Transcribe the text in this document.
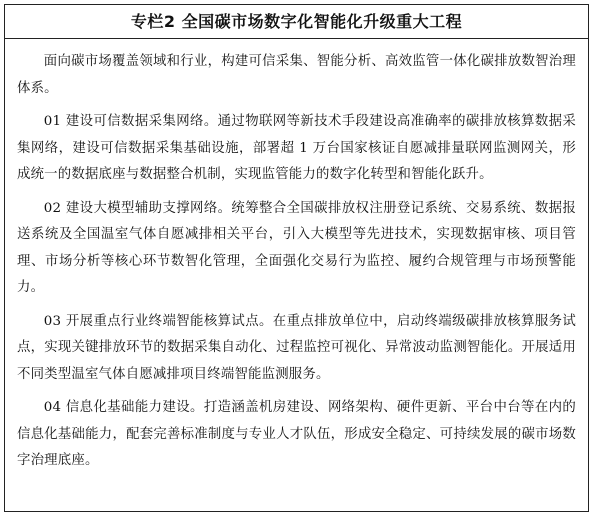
专栏2 全国碳市场数字化智能化升级重大工程

面向碳市场覆盖领域和行业，构建可信采集、智能分析、高效监管一体化碳排放数智治理体系。

01 建设可信数据采集网络。通过物联网等新技术手段建设高准确率的碳排放核算数据采集网络，建设可信数据采集基础设施，部署超 1 万台国家核证自愿减排量联网监测网关，形成统一的数据底座与数据整合机制，实现监管能力的数字化转型和智能化跃升。

02 建设大模型辅助支撑网络。统筹整合全国碳排放权注册登记系统、交易系统、数据报送系统及全国温室气体自愿减排相关平台，引入大模型等先进技术，实现数据审核、项目管理、市场分析等核心环节数智化管理，全面强化交易行为监控、履约合规管理与市场预警能力。

03 开展重点行业终端智能核算试点。在重点排放单位中，启动终端级碳排放核算服务试点，实现关键排放环节的数据采集自动化、过程监控可视化、异常波动监测智能化。开展适用不同类型温室气体自愿减排项目终端智能监测服务。

04 信息化基础能力建设。打造涵盖机房建设、网络架构、硬件更新、平台中台等在内的信息化基础能力，配套完善标准制度与专业人才队伍，形成安全稳定、可持续发展的碳市场数字治理底座。
